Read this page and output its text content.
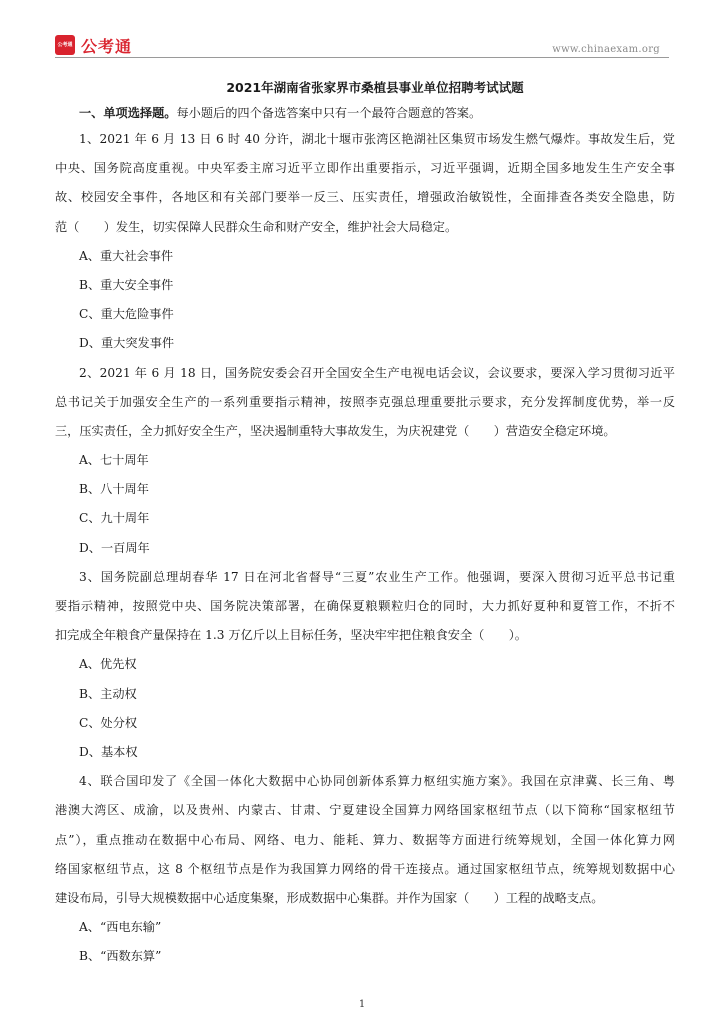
公考通 公考通	www.chinaexam.org
2021年湖南省张家界市桑植县事业单位招聘考试试题
一、单项选择题。每小题后的四个备选答案中只有一个最符合题意的答案。
1、2021 年 6 月 13 日 6 时 40 分许，湖北十堰市张湾区艳湖社区集贸市场发生燃气爆炸。事故发生后，党
中央、国务院高度重视。中央军委主席习近平立即作出重要指示，习近平强调，近期全国多地发生生产安全事
故、校园安全事件，各地区和有关部门要举一反三、压实责任，增强政治敏锐性，全面排查各类安全隐患，防
范（　　）发生，切实保障人民群众生命和财产安全，维护社会大局稳定。
A、重大社会事件
B、重大安全事件
C、重大危险事件
D、重大突发事件
2、2021 年 6 月 18 日，国务院安委会召开全国安全生产电视电话会议，会议要求，要深入学习贯彻习近平
总书记关于加强安全生产的一系列重要指示精神，按照李克强总理重要批示要求，充分发挥制度优势，举一反
三，压实责任，全力抓好安全生产，坚决遏制重特大事故发生，为庆祝建党（　　）营造安全稳定环境。
A、七十周年
B、八十周年
C、九十周年
D、一百周年
3、国务院副总理胡春华 17 日在河北省督导“三夏”农业生产工作。他强调，要深入贯彻习近平总书记重
要指示精神，按照党中央、国务院决策部署，在确保夏粮颗粒归仓的同时，大力抓好夏种和夏管工作，不折不
扣完成全年粮食产量保持在 1.3 万亿斤以上目标任务，坚决牢牢把住粮食安全（　　）。
A、优先权
B、主动权
C、处分权
D、基本权
4、联合国印发了《全国一体化大数据中心协同创新体系算力枢纽实施方案》。我国在京津冀、长三角、粤
港澳大湾区、成渝，以及贵州、内蒙古、甘肃、宁夏建设全国算力网络国家枢纽节点（以下简称“国家枢纽节
点”），重点推动在数据中心布局、网络、电力、能耗、算力、数据等方面进行统筹规划，全国一体化算力网
络国家枢纽节点，这 8 个枢纽节点是作为我国算力网络的骨干连接点。通过国家枢纽节点，统筹规划数据中心
建设布局，引导大规模数据中心适度集聚，形成数据中心集群。并作为国家（　　）工程的战略支点。
A、“西电东输”
B、“西数东算”
1
